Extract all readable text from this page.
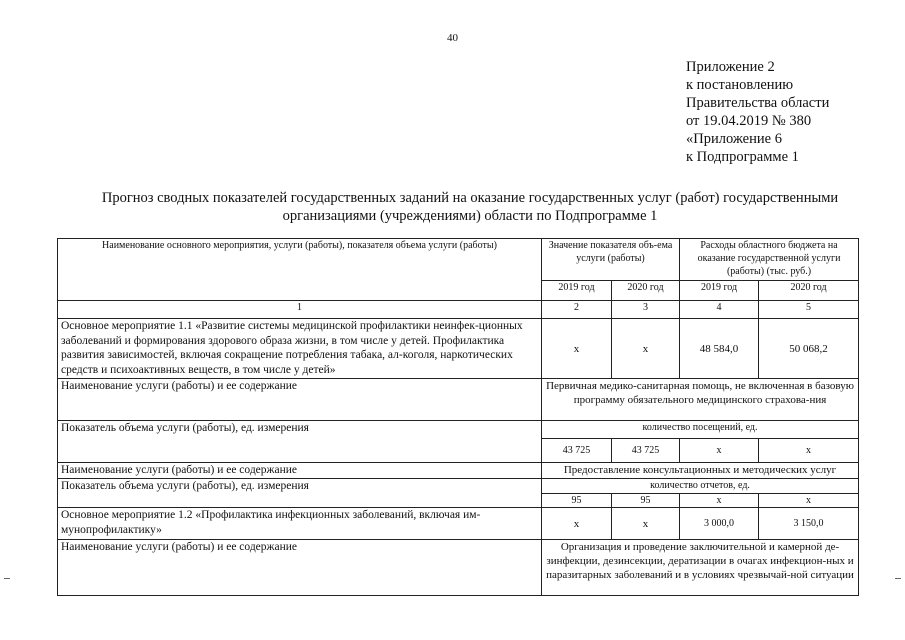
40
Приложение 2
к постановлению
Правительства области
от 19.04.2019 № 380
«Приложение 6
к Подпрограмме 1
Прогноз сводных показателей государственных заданий на оказание государственных услуг (работ) государственными
организациями (учреждениями) области по Подпрограмме 1
Наименование основного мероприятия, услуги (работы), показателя объема услуги (работы)	Значение показателя объ-ема услуги (работы)		Расходы областного бюджета на оказание государственной услуги (работы) (тыс. руб.)	
	2019 год	2020 год	2019 год	2020 год
1	2	3	4	5
Основное мероприятие 1.1 «Развитие системы медицинской профилактики неинфек-ционных заболеваний и формирования здорового образа жизни, в том числе у детей. Профилактика развития зависимостей, включая сокращение потребления табака, ал-коголя, наркотических средств и психоактивных веществ, в том числе у детей»	х	х	48 584,0	50 068,2
Наименование услуги (работы) и ее содержание	Первичная медико-санитарная помощь, не включенная в базовую программу обязательного медицинского страхова-ния			
Показатель объема услуги (работы), ед. измерения	количество посещений, ед.			
	43 725	43 725	х	х
Наименование услуги (работы) и ее содержание	Предоставление консультационных и методических услуг			
Показатель объема услуги (работы), ед. измерения	количество отчетов, ед.			
	95	95	х	х
Основное мероприятие 1.2 «Профилактика инфекционных заболеваний, включая им-мунопрофилактику»	х	х	3 000,0	3 150,0
Наименование услуги (работы) и ее содержание	Организация и проведение заключительной и камерной де-зинфекции, дезинсекции, дератизации в очагах инфекцион-ных и паразитарных заболеваний и в условиях чрезвычай-ной ситуации			
